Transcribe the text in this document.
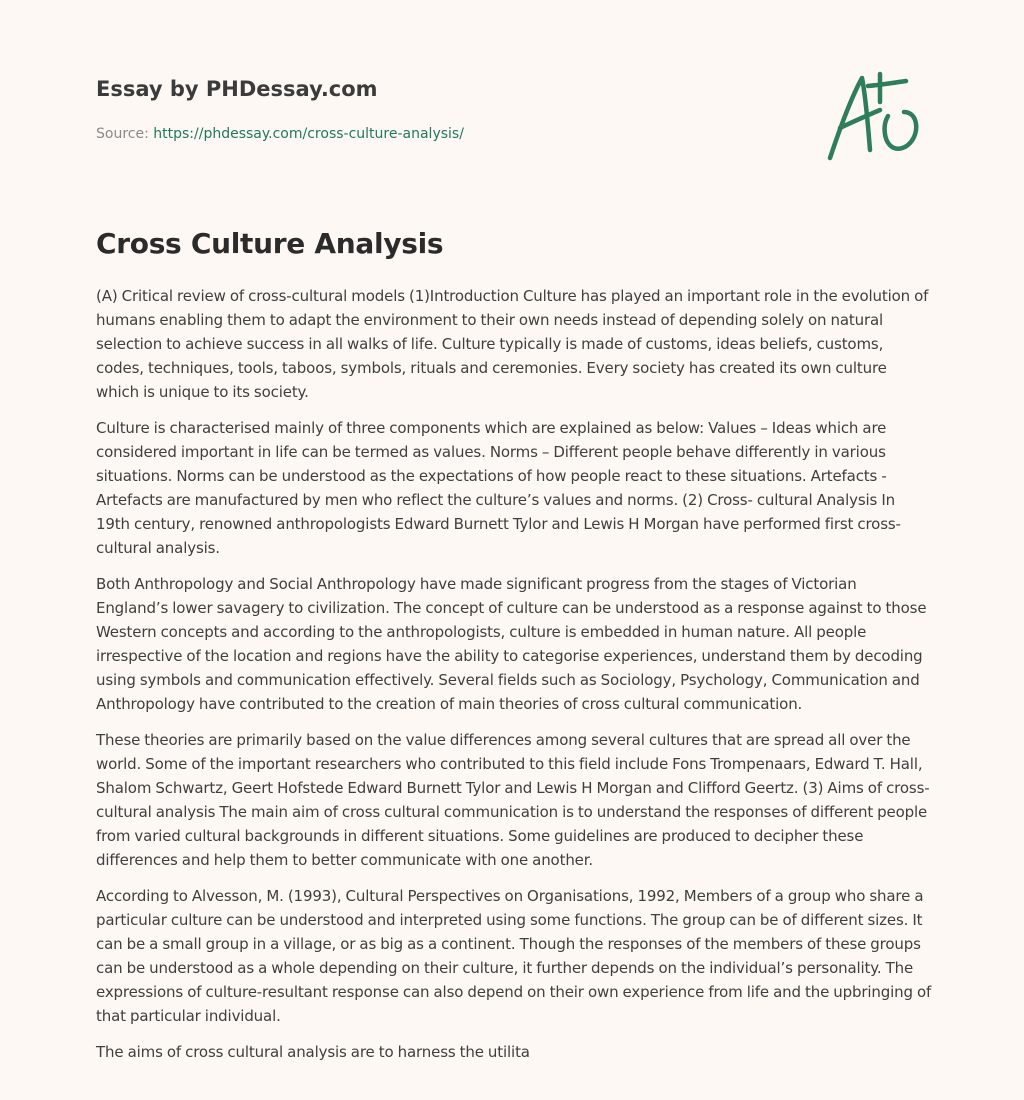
Essay by PHDessay.com
Source: https://phdessay.com/cross-culture-analysis/
Cross Culture Analysis

(A) Critical review of cross-cultural models (1)Introduction Culture has played an important role in the evolution of humans enabling them to adapt the environment to their own needs instead of depending solely on natural selection to achieve success in all walks of life. Culture typically is made of customs, ideas beliefs, customs, codes, techniques, tools, taboos, symbols, rituals and ceremonies. Every society has created its own culture which is unique to its society.

Culture is characterised mainly of three components which are explained as below: Values – Ideas which are considered important in life can be termed as values. Norms – Different people behave differently in various situations. Norms can be understood as the expectations of how people react to these situations. Artefacts - Artefacts are manufactured by men who reflect the culture’s values and norms. (2) Cross- cultural Analysis In 19th century, renowned anthropologists Edward Burnett Tylor and Lewis H Morgan have performed first cross-cultural analysis.

Both Anthropology and Social Anthropology have made significant progress from the stages of Victorian England’s lower savagery to civilization. The concept of culture can be understood as a response against to those Western concepts and according to the anthropologists, culture is embedded in human nature. All people irrespective of the location and regions have the ability to categorise experiences, understand them by decoding using symbols and communication effectively. Several fields such as Sociology, Psychology, Communication and Anthropology have contributed to the creation of main theories of cross cultural communication.

These theories are primarily based on the value differences among several cultures that are spread all over the world. Some of the important researchers who contributed to this field include Fons Trompenaars, Edward T. Hall, Shalom Schwartz, Geert Hofstede Edward Burnett Tylor and Lewis H Morgan and Clifford Geertz. (3) Aims of cross-cultural analysis The main aim of cross cultural communication is to understand the responses of different people from varied cultural backgrounds in different situations. Some guidelines are produced to decipher these differences and help them to better communicate with one another.

According to Alvesson, M. (1993), Cultural Perspectives on Organisations, 1992, Members of a group who share a particular culture can be understood and interpreted using some functions. The group can be of different sizes. It can be a small group in a village, or as big as a continent. Though the responses of the members of these groups can be understood as a whole depending on their culture, it further depends on the individual’s personality. The expressions of culture-resultant response can also depend on their own experience from life and the upbringing of that particular individual.

The aims of cross cultural analysis are to harness the utilita
